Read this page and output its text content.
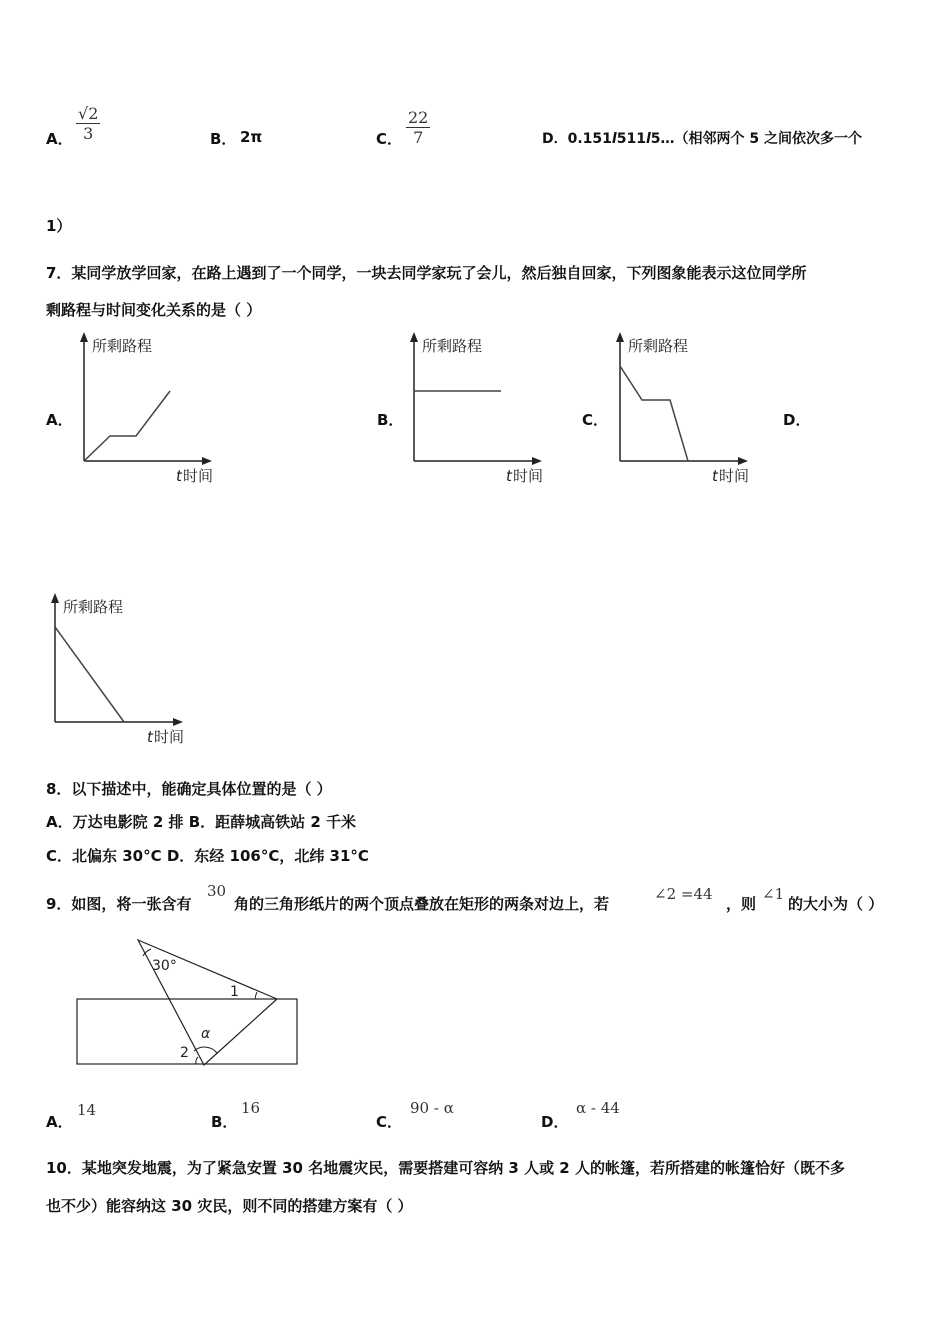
A． $\frac{√2}{3}$	B． 2π	C． $\frac{22}{7}$	D．0.151l511l5…（相邻两个 5 之间依次多一个
1）
7．某同学放学回家，在路上遇到了一个同学，一块去同学家玩了会儿，然后独自回家，下列图象能表示这位同学所
剩路程与时间变化关系的是（ ）
A．	B．	C．	D．
所剩路程
t 时间
所剩路程
t 时间
所剩路程
t 时间
所剩路程
t 时间
8．以下描述中，能确定具体位置的是（ ）
A．万达电影院 2 排 B．距薛城高铁站 2 千米
C．北偏东 30°C D．东经 106°C，北纬 31°C
9．如图，将一张含有
30
角的三角形纸片的两个顶点叠放在矩形的两条对边上，若
∠2 =44
，则
∠1
的大小为（ ）
30°
1
α
2
A．
14
B．
16
C．
90 - α
D．
α - 44
10．某地突发地震，为了紧急安置 30 名地震灾民，需要搭建可容纳 3 人或 2 人的帐篷，若所搭建的帐篷恰好（既不多
也不少）能容纳这 30 灾民，则不同的搭建方案有（ ）
